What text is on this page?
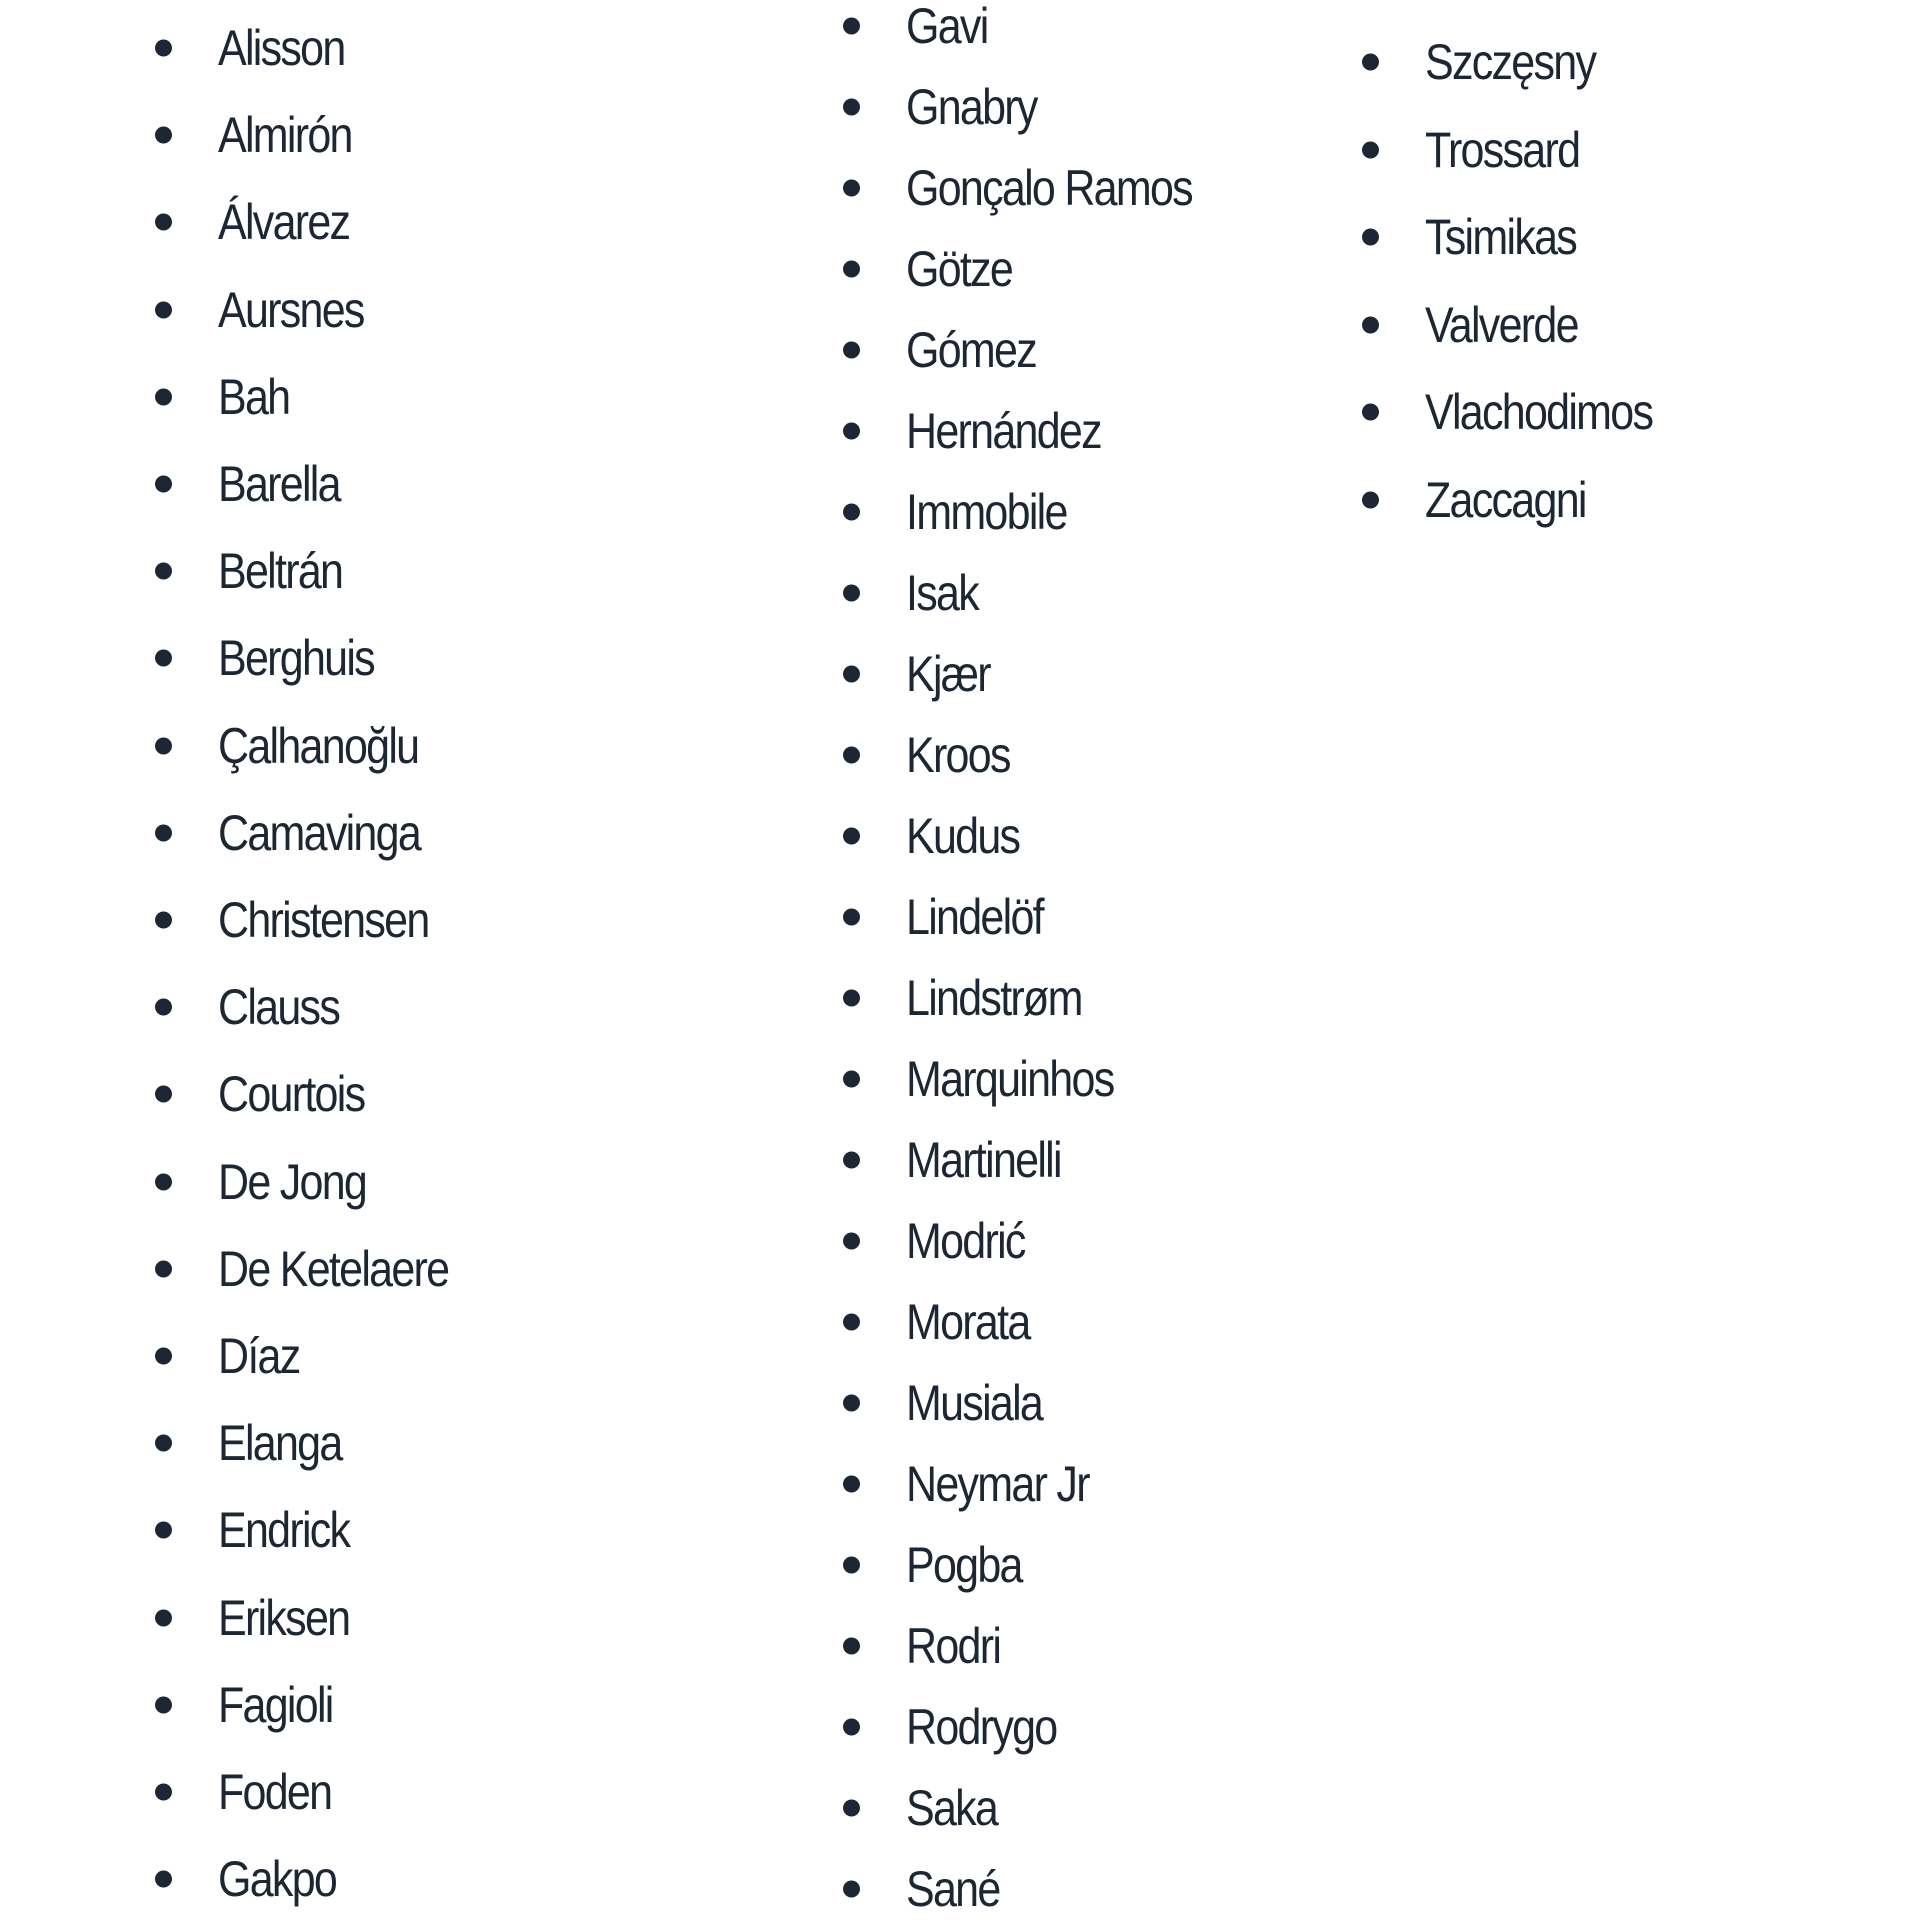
Alisson
Almirón
Álvarez
Aursnes
Bah
Barella
Beltrán
Berghuis
Çalhanoğlu
Camavinga
Christensen
Clauss
Courtois
De Jong
De Ketelaere
Díaz
Elanga
Endrick
Eriksen
Fagioli
Foden
Gakpo
Gavi
Gnabry
Gonçalo Ramos
Götze
Gómez
Hernández
Immobile
Isak
Kjær
Kroos
Kudus
Lindelöf
Lindstrøm
Marquinhos
Martinelli
Modrić
Morata
Musiala
Neymar Jr
Pogba
Rodri
Rodrygo
Saka
Sané
Szczęsny
Trossard
Tsimikas
Valverde
Vlachodimos
Zaccagni
